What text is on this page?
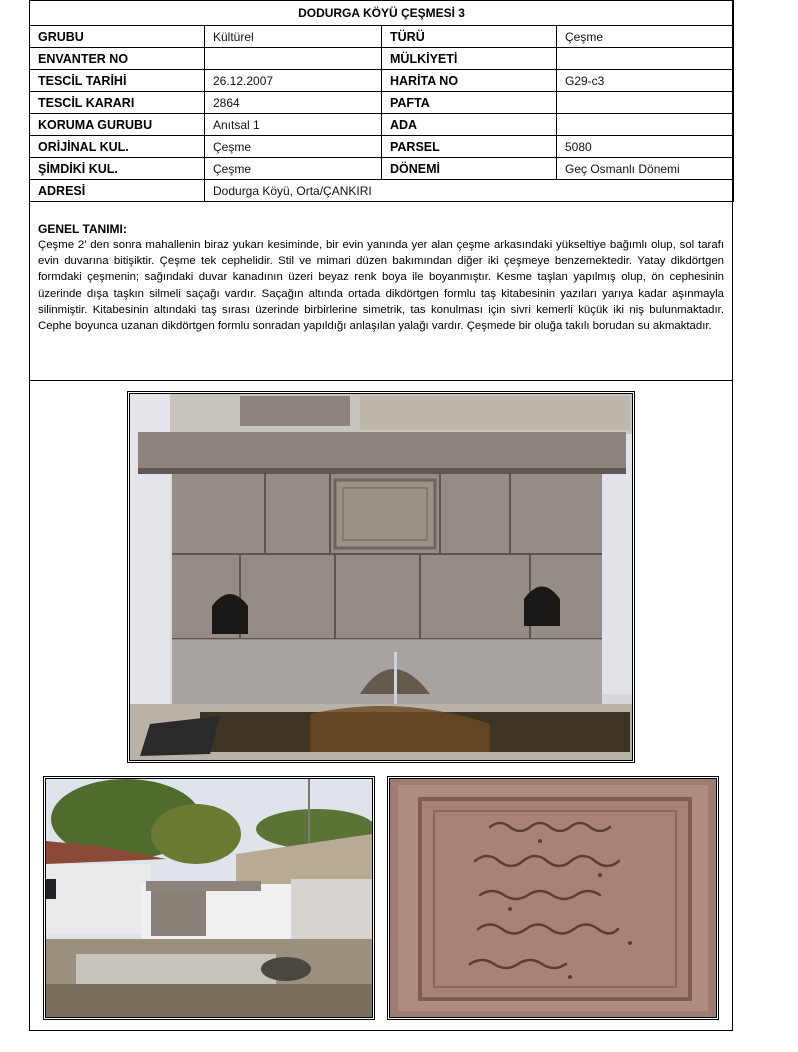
DODURGA KÖYÜ ÇEŞMESİ 3			
GRUBU	Kültürel	TÜRÜ	Çeşme
ENVANTER NO		MÜLKİYETİ	
TESCİL TARİHİ	26.12.2007	HARİTA NO	G29-c3
TESCİL KARARI	2864	PAFTA	
KORUMA GURUBU	Anıtsal 1	ADA	
ORİJİNAL KUL.	Çeşme	PARSEL	5080
ŞİMDİKİ KUL.	Çeşme	DÖNEMİ	Geç Osmanlı Dönemi
ADRESİ	Dodurga Köyü, Orta/ÇANKIRI		

GENEL TANIMI:

Çeşme 2’ den sonra mahallenin biraz yukarı kesiminde, bir evin yanında yer alan çeşme arkasındaki yükseltiye bağımlı olup, sol tarafı evin duvarına bitişiktir. Çeşme tek cephelidir. Stil ve mimari düzen bakımından diğer iki çeşmeye benzemektedir. Yatay dikdörtgen formdaki çeşmenin; sağındaki duvar kanadının üzeri beyaz renk boya ile boyanmıştır. Kesme taşlan yapılmış olup, ön cephesinin üzerinde dışa taşkın silmeli saçağı vardır. Saçağın altında ortada dikdörtgen formlu taş kitabesinin yazıları yarıya kadar aşınmayla silinmiştir. Kitabesinin altındaki taş sırası üzerinde birbirlerine simetrik, tas konulması için sivri kemerli küçük iki niş bulunmaktadır. Cephe boyunca uzanan dikdörtgen formlu sonradan yapıldığı anlaşılan yalağı vardır. Çeşmede bir oluğa takılı borudan su akmaktadır.
